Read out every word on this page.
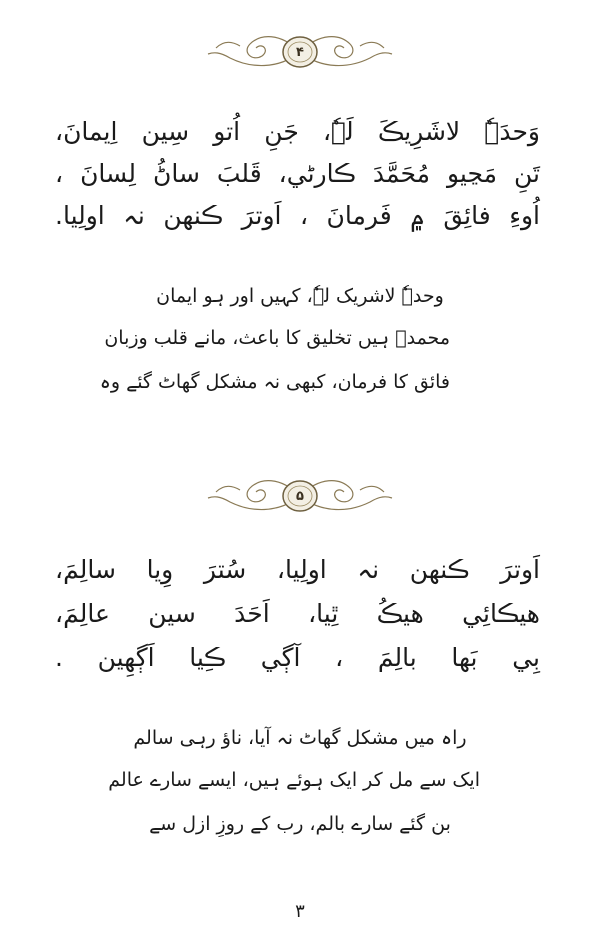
۴
وَحدَہٗ لاشَرِيڪَ لَہٗ، جَنِ اُتو سِين اِيمانَ،
تَنِ مَڃيو مُحَمَّدَ ڪارڻي، قَلبَ ساڻُ لِسانَ ،
اُوءِ فائِقَ ۾ فَرمانَ ، اَوترَ ڪنهن نہ اولِيا.
وحدہٗ لاشریک لہٗ، کہیں اور ہو ایمان
محمدؐ ہیں تخلیق کا باعث، مانے قلب وزبان
فائق کا فرمان، کبھی نہ مشکل گھاٹ گئے وہ
۵
اَوترَ ڪنهن نہ اولِيا، سُترَ وِيا سالِمَ،
هيڪائِي هيڪُ ٿِيا، اَحَدَ سين عالِمَ،
بِي بَها بالِمَ ، آڳي ڪِيا اَڳهِين .
راہ میں مشکل گھاٹ نہ آیا، ناؤ رہی سالم
ایک سے مل کر ایک ہوئے ہیں، ایسے سارے عالم
بن گئے سارے بالم، رب کے روزِ ازل سے
۳
